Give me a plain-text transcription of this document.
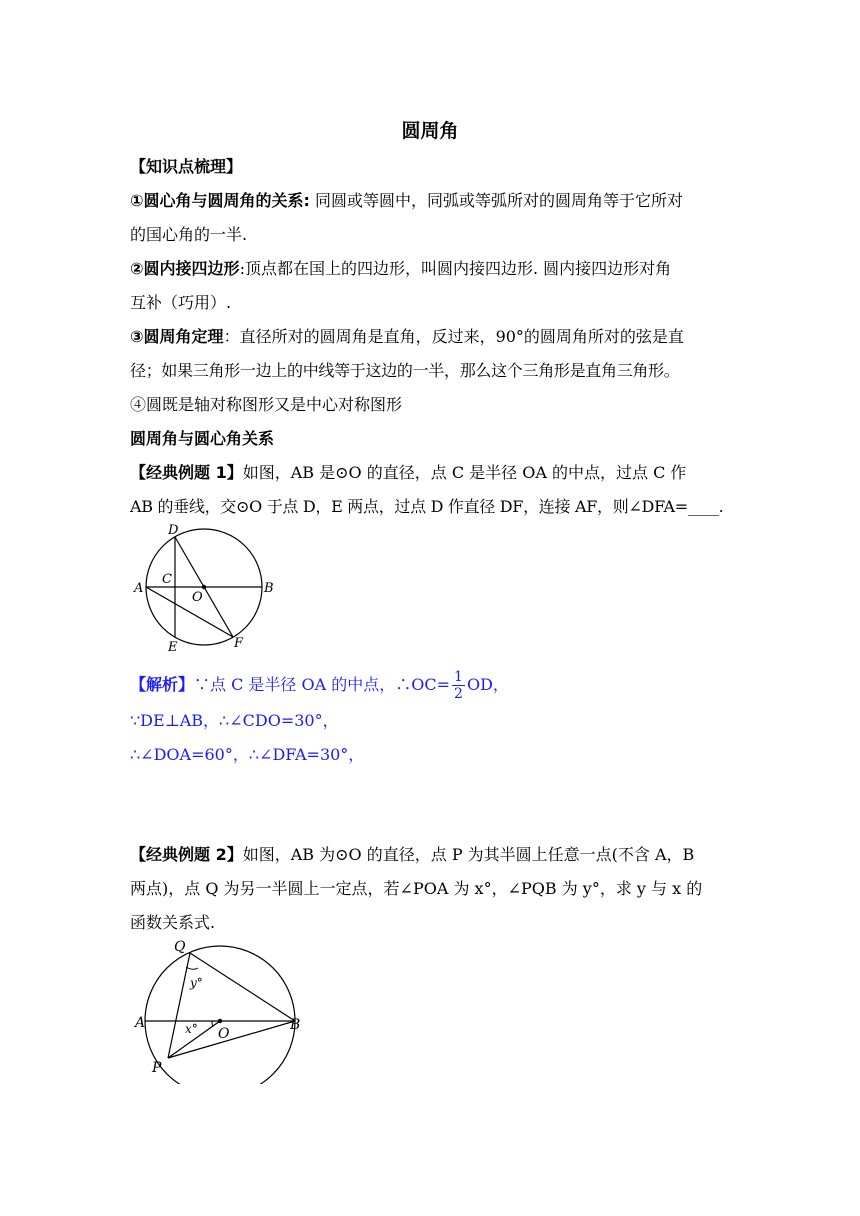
圆周角
【知识点梳理】
①圆心角与圆周角的关系: 同圆或等圆中，同弧或等弧所对的圆周角等于它所对
的国心角的一半.
②圆内接四边形:顶点都在国上的四边形，叫圆内接四边形. 圆内接四边形对角
互补（巧用）.
③圆周角定理：直径所对的圆周角是直角，反过来，90°的圆周角所对的弦是直
径；如果三角形一边上的中线等于这边的一半，那么这个三角形是直角三角形。
④圆既是轴对称图形又是中心对称图形
圆周角与圆心角关系
【经典例题 1】如图，AB 是⊙O 的直径，点 C 是半径 OA 的中点，过点 C 作
AB 的垂线，交⊙O 于点 D，E 两点，过点 D 作直径 DF，连接 AF，则∠DFA=____.
D
A
C
O
B
E	F
【解析】∵点 C 是半径 OA 的中点，∴OC= $\frac{1}{2}$ OD，
∵DE⊥AB，∴∠CDO=30°，
∴∠DOA=60°，∴∠DFA=30°，
【经典例题 2】如图，AB 为⊙O 的直径，点 P 为其半圆上任意一点(不含 A，B
两点)，点 Q 为另一半圆上一定点，若∠POA 为 x°，∠PQB 为 y°，求 y 与 x 的
函数关系式.
Q
y°
A	x° O
B
P
